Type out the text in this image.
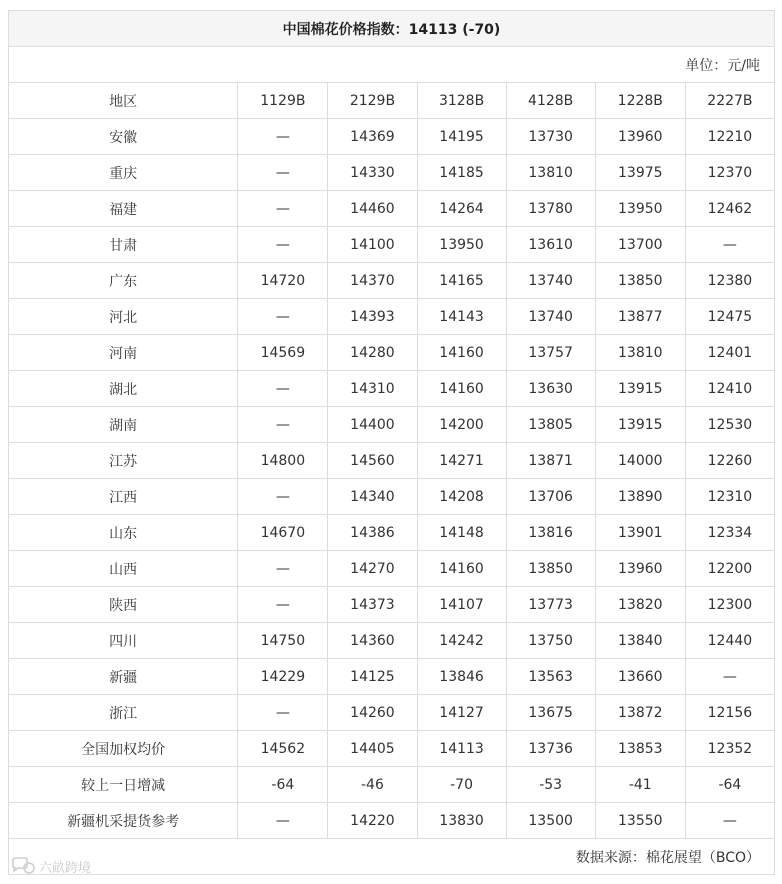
中国棉花价格指数：14113 (-70)						
单位：元/吨						
地区	1129B	2129B	3128B	4128B	1228B	2227B
安徽	—	14369	14195	13730	13960	12210
重庆	—	14330	14185	13810	13975	12370
福建	—	14460	14264	13780	13950	12462
甘肃	—	14100	13950	13610	13700	—
广东	14720	14370	14165	13740	13850	12380
河北	—	14393	14143	13740	13877	12475
河南	14569	14280	14160	13757	13810	12401
湖北	—	14310	14160	13630	13915	12410
湖南	—	14400	14200	13805	13915	12530
江苏	14800	14560	14271	13871	14000	12260
江西	—	14340	14208	13706	13890	12310
山东	14670	14386	14148	13816	13901	12334
山西	—	14270	14160	13850	13960	12200
陕西	—	14373	14107	13773	13820	12300
四川	14750	14360	14242	13750	13840	12440
新疆	14229	14125	13846	13563	13660	—
浙江	—	14260	14127	13675	13872	12156
全国加权均价	14562	14405	14113	13736	13853	12352
较上一日增减	-64	-46	-70	-53	-41	-64
新疆机采提货参考	—	14220	13830	13500	13550	—
数据来源：棉花展望（BCO）						
六畝跨境
